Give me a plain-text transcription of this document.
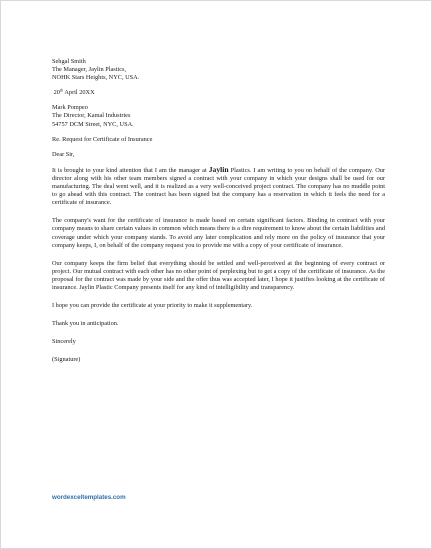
Sehgal Smith
The Manager, Jaylin Plastics,
NOHK Stars Heights, NYC, USA.
20th April 20XX
Mark Pompeo
The Director, Kamal Industries
54757 DCM Street, NYC, USA.
Re. Request for Certificate of Insurance
Dear Sir,

It is brought to your kind attention that I am the manager at Jaylin Plastics. I am writing to you on behalf of the company. Our director along with his other team members signed a contract with your company in which your designs shall be used for our manufacturing. The deal went well, and it is realized as a very well-conceived project contract. The company has no muddle point to go ahead with this contract. The contract has been signed but the company has a reservation in which it feels the need for a certificate of insurance.

The company's want for the certificate of insurance is made based on certain significant factors. Binding in contract with your company means to share certain values in common which means there is a dire requirement to know about the certain liabilities and coverage under which your company stands. To avoid any later complication and rely more on the policy of insurance that your company keeps, I, on behalf of the company request you to provide me with a copy of your certificate of insurance.

Our company keeps the firm belief that everything should be settled and well-perceived at the beginning of every contract or project. Our mutual contract with each other has no other point of perplexing but to get a copy of the certificate of insurance. As the proposal for the contract was made by your side and the offer thus was accepted later, I hope it justifies looking at the certificate of insurance. Jaylin Plastic Company presents itself for any kind of intelligibility and transparency.

I hope you can provide the certificate at your priority to make it supplementary.

Thank you in anticipation.
Sincerely
(Signature)
wordexceltemplates.com
